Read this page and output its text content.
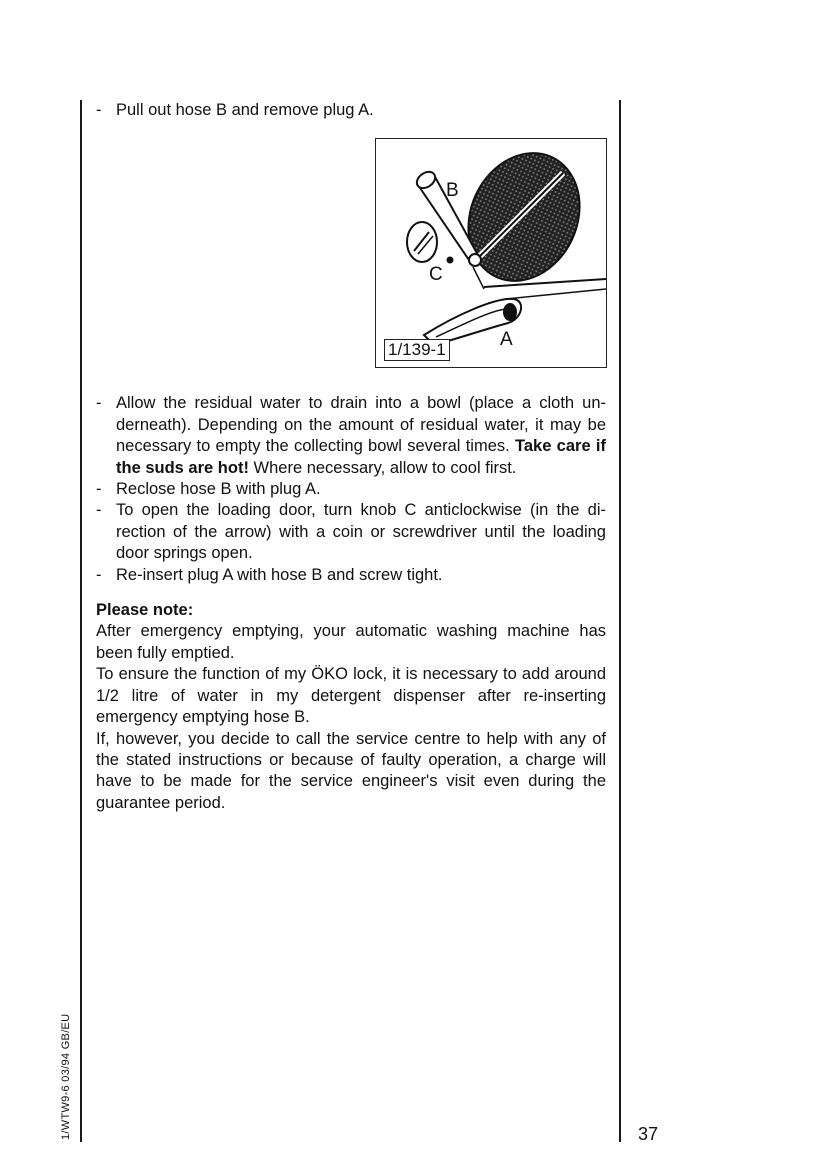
- Pull out hose B and remove plug A.

- Allow the residual water to drain into a bowl (place a cloth un-derneath). Depending on the amount of residual water, it may be necessary to empty the collecting bowl several times. Take care if the suds are hot! Where necessary, allow to cool first.

- Reclose hose B with plug A.

- To open the loading door, turn knob C anticlockwise (in the di-rection of the arrow) with a coin or screwdriver until the loading door springs open.

- Re-insert plug A with hose B and screw tight.

Please note:
After emergency emptying, your automatic washing machine has been fully emptied.
To ensure the function of my ÖKO lock, it is necessary to add around 1/2 litre of water in my detergent dispenser after re-inserting emergency emptying hose B.
If, however, you decide to call the service centre to help with any of the stated instructions or because of faulty operation, a charge will have to be made for the service engineer's visit even during the guarantee period.
1/139-1
B
C
A
1/WTW9-6 03/94 GB/EU	37
